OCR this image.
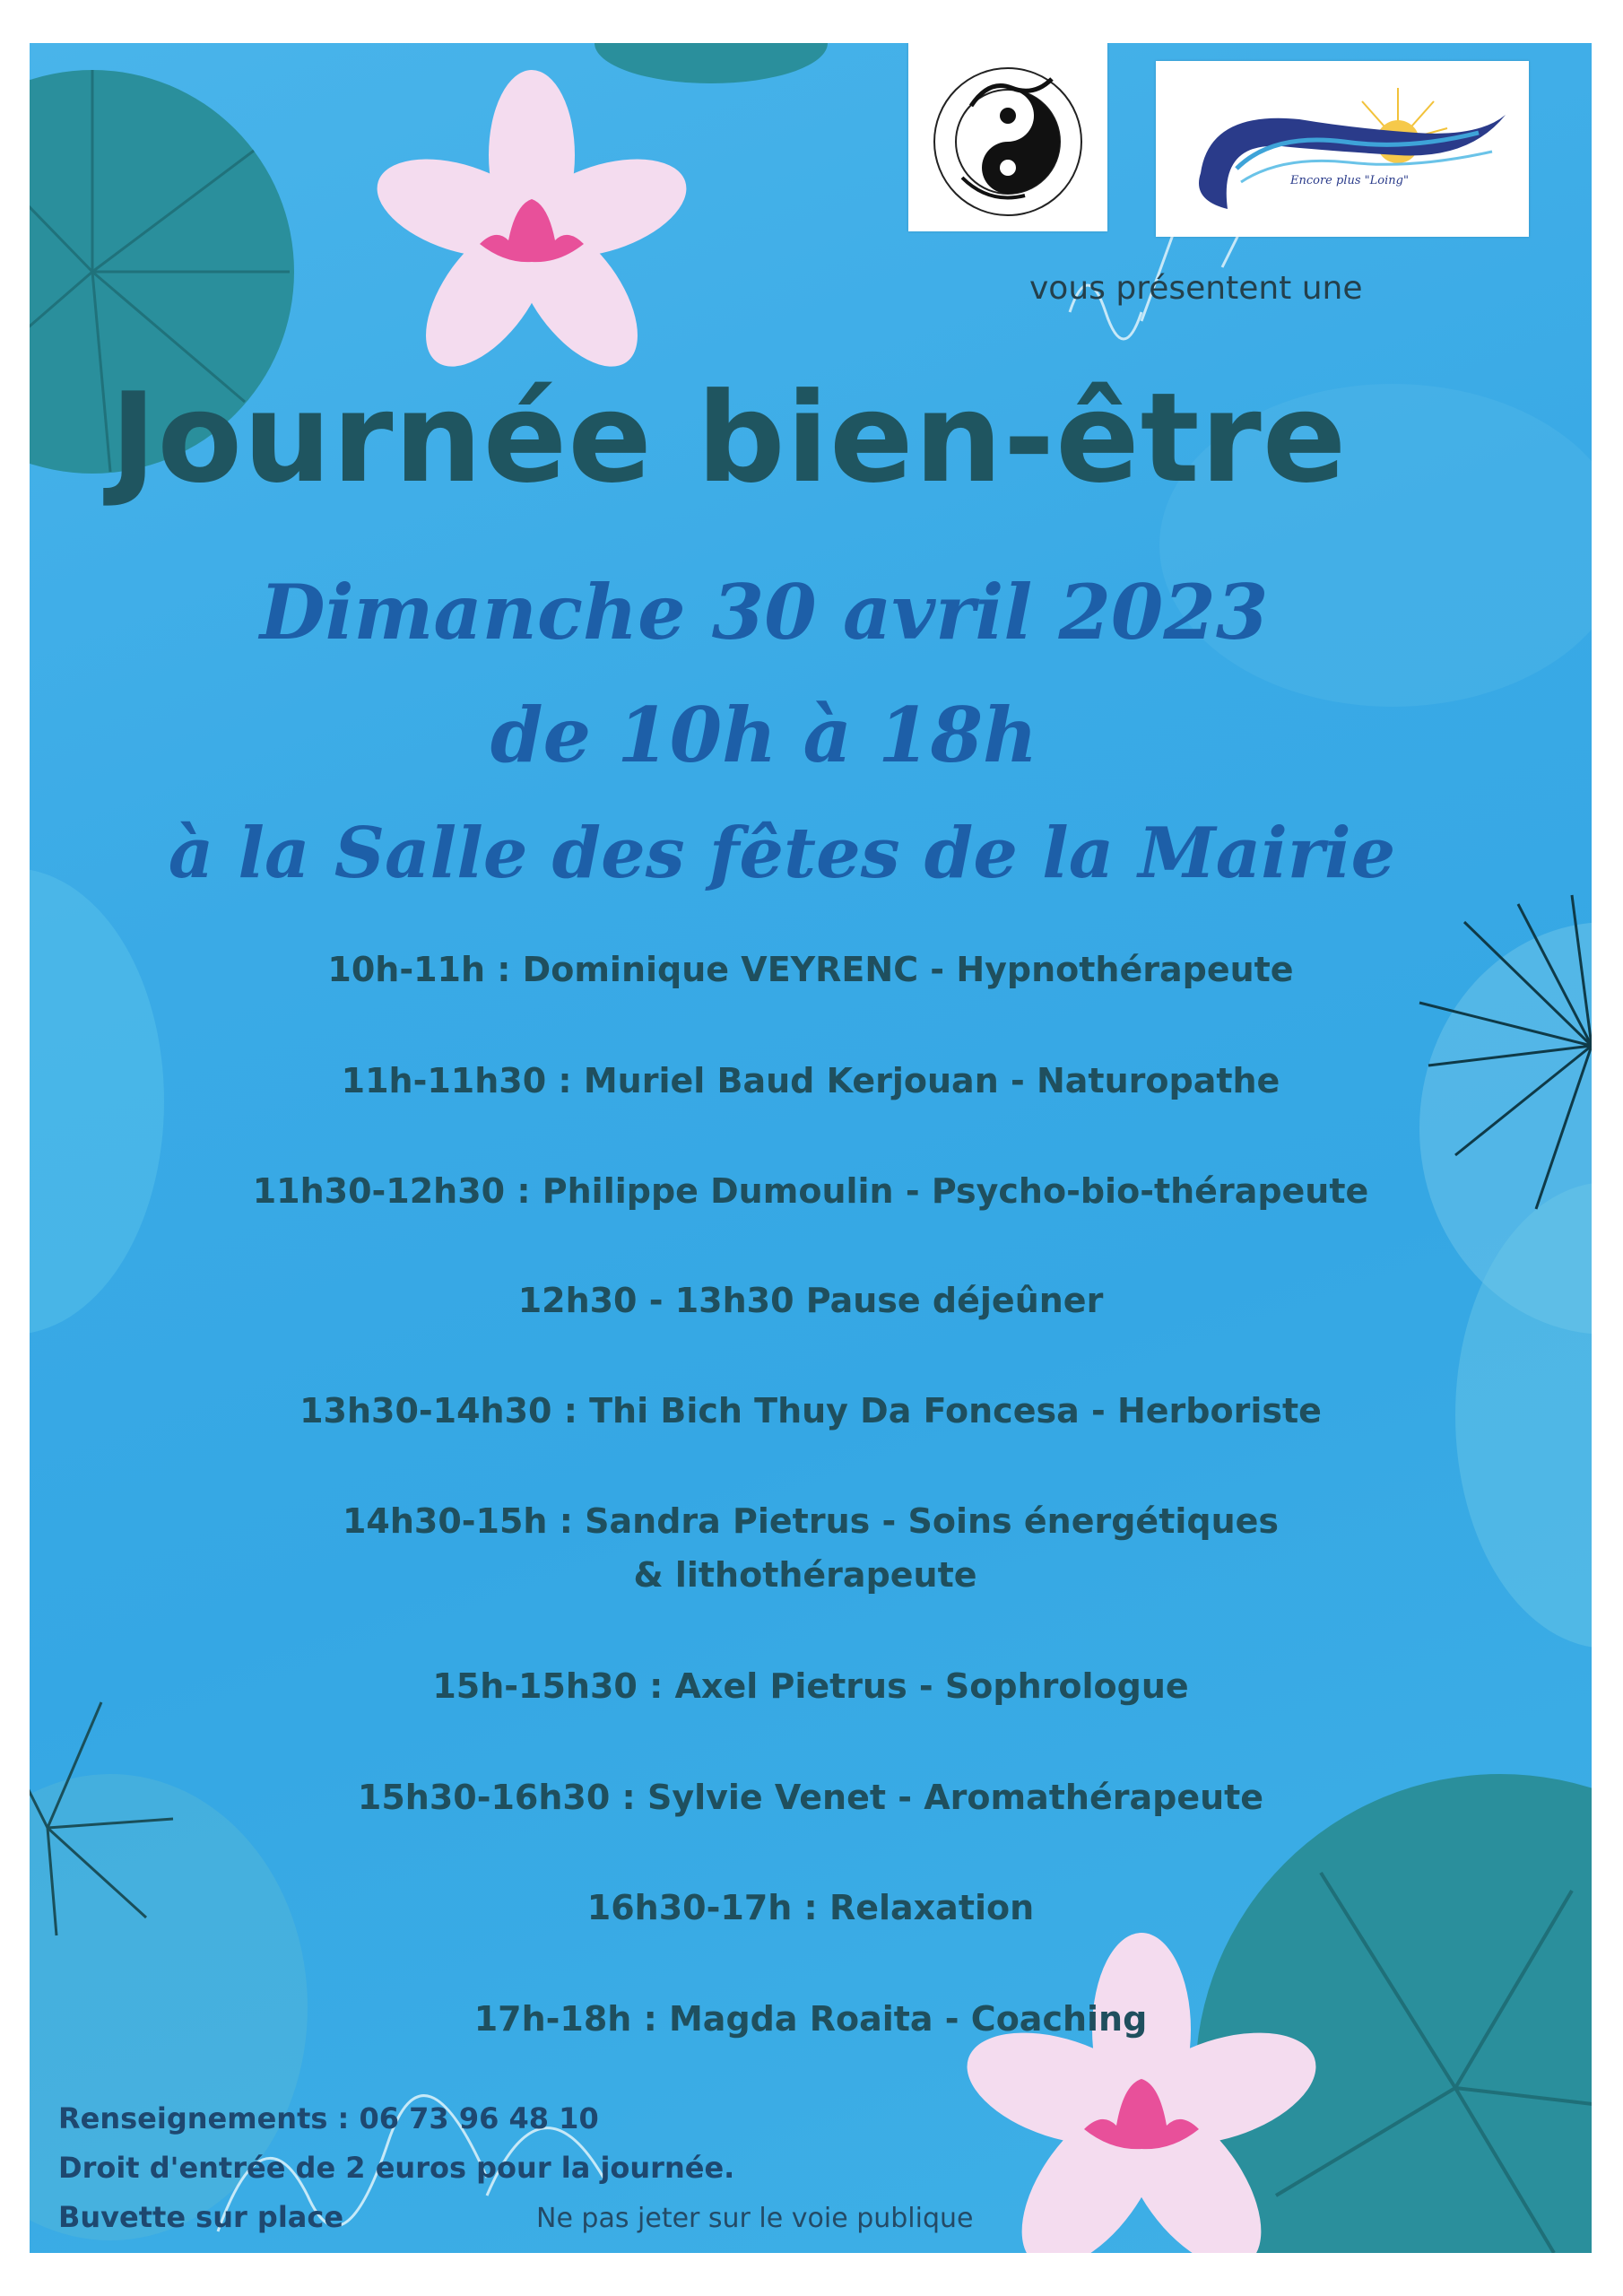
Encore plus "Loing"
vous présentent une
Journée bien-être
Dimanche 30 avril 2023
de 10h à 18h
à la Salle des fêtes de la Mairie
10h-11h : Dominique VEYRENC - Hypnothérapeute
11h-11h30 : Muriel Baud Kerjouan - Naturopathe
11h30-12h30 : Philippe Dumoulin - Psycho-bio-thérapeute
12h30 - 13h30 Pause déjeûner
13h30-14h30 : Thi Bich Thuy Da Foncesa - Herboriste
14h30-15h : Sandra Pietrus - Soins énergétiques
& lithothérapeute
15h-15h30 : Axel Pietrus - Sophrologue
15h30-16h30 : Sylvie Venet - Aromathérapeute
16h30-17h : Relaxation
17h-18h : Magda Roaita - Coaching
Renseignements : 06 73 96 48 10
Droit d'entrée de 2 euros pour la journée.
Buvette sur place	Ne pas jeter sur le voie publique
